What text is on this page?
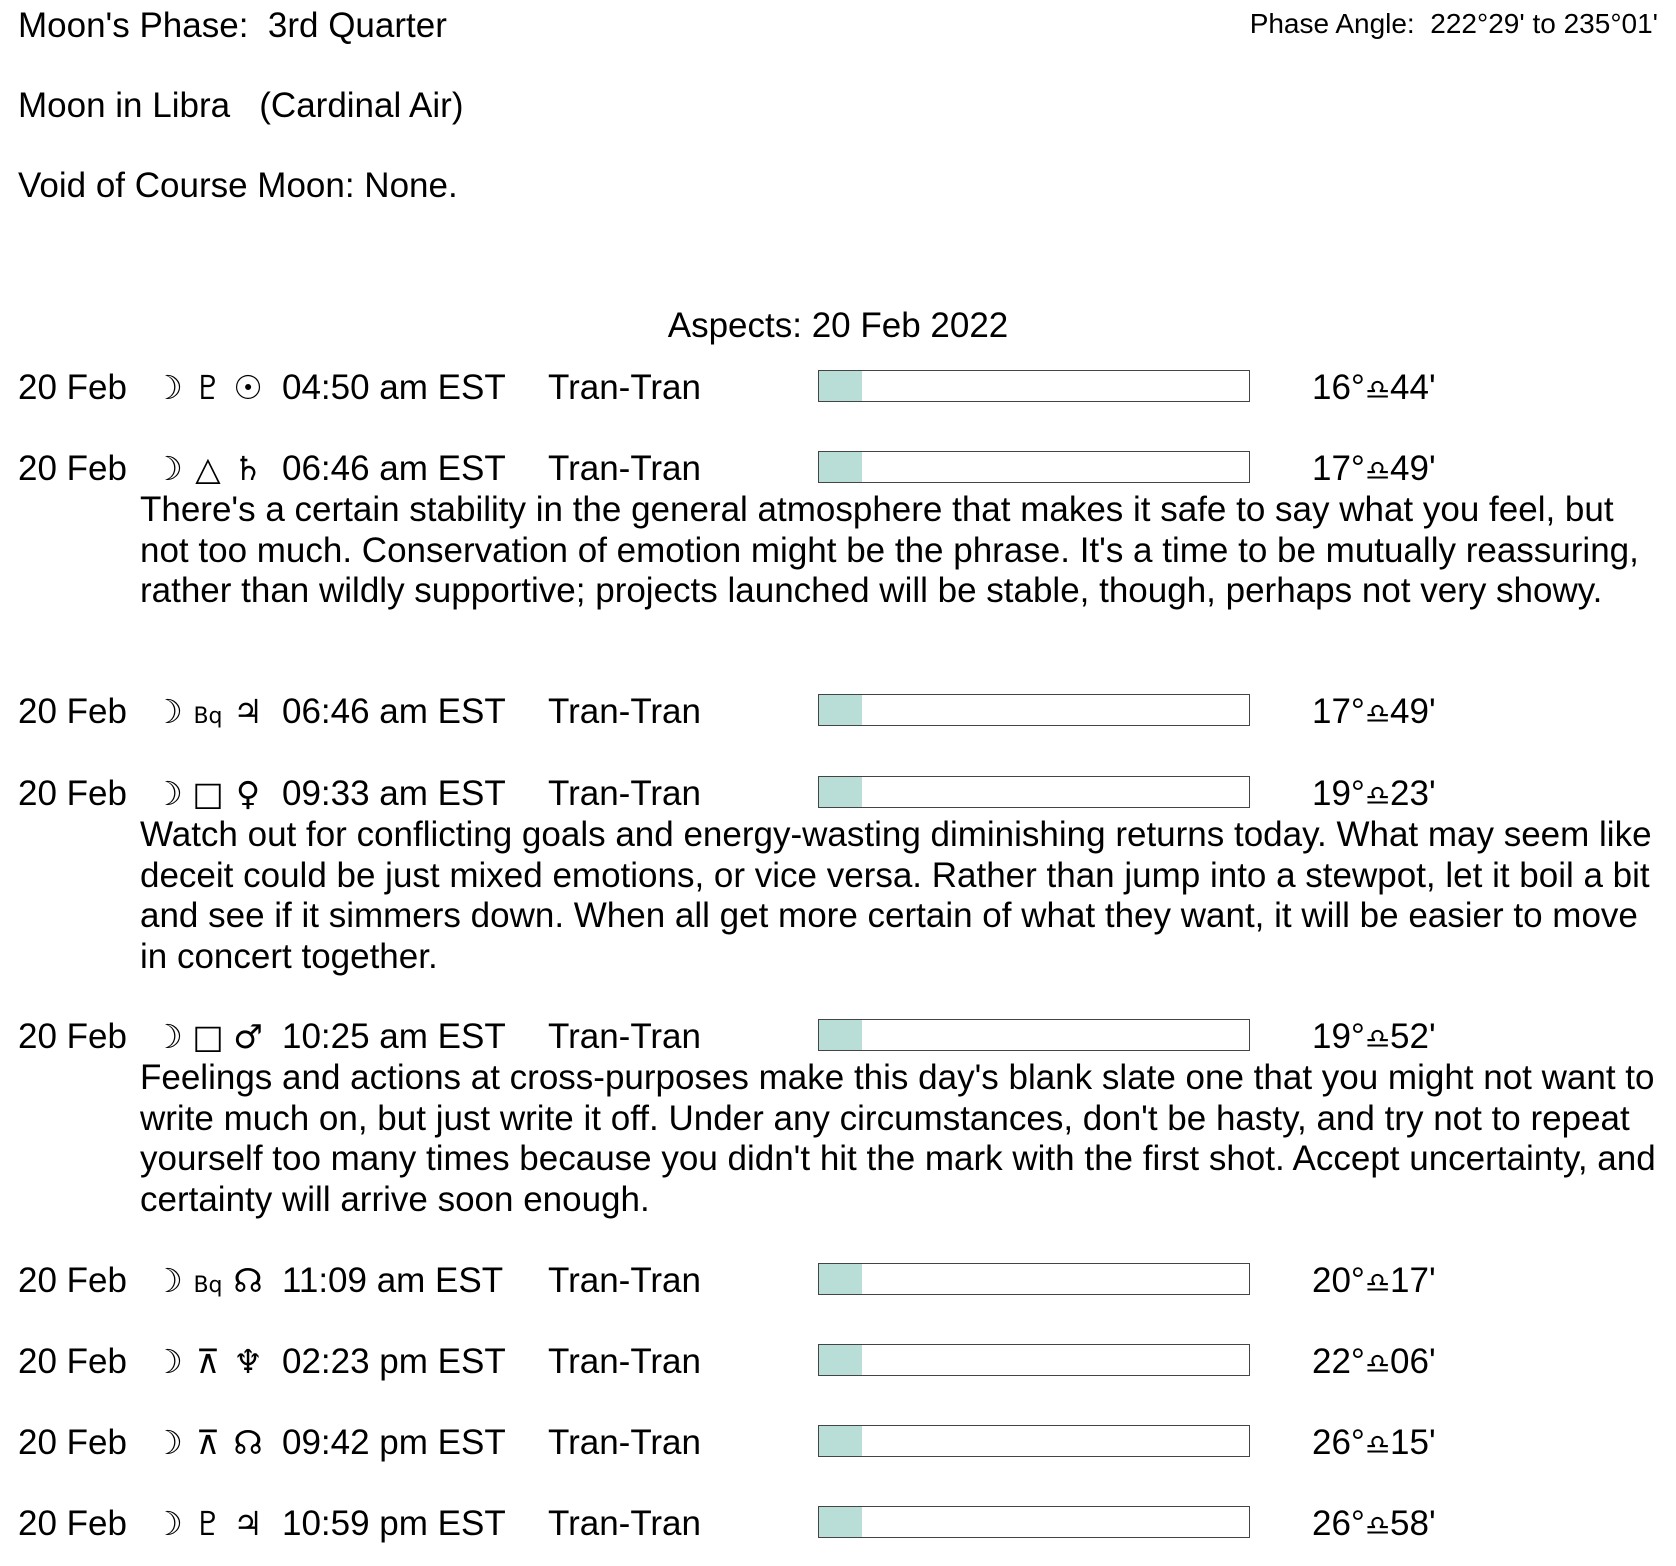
Moon's Phase: 3rd Quarter	Phase Angle: 222°29' to 235°01'
Moon in Libra (Cardinal Air)
Void of Course Moon: None.
Aspects: 20 Feb 2022
20 Feb ☽ ♇ ☉ 04:50 am EST Tran-Tran	16°♎44'
20 Feb ☽ △ ♄ 06:46 am EST Tran-Tran	17°♎49'
There's a certain stability in the general atmosphere that makes it safe to say what you feel, but not too much. Conservation of emotion might be the phrase. It's a time to be mutually reassuring, rather than wildly supportive; projects launched will be stable, though, perhaps not very showy.
20 Feb ☽ Bq ♃ 06:46 am EST Tran-Tran	17°♎49'
20 Feb ☽ □ ♀ 09:33 am EST Tran-Tran	19°♎23'
Watch out for conflicting goals and energy-wasting diminishing returns today. What may seem like deceit could be just mixed emotions, or vice versa. Rather than jump into a stewpot, let it boil a bit and see if it simmers down. When all get more certain of what they want, it will be easier to move in concert together.
20 Feb ☽ □ ♂ 10:25 am EST Tran-Tran	19°♎52'
Feelings and actions at cross-purposes make this day's blank slate one that you might not want to write much on, but just write it off. Under any circumstances, don't be hasty, and try not to repeat yourself too many times because you didn't hit the mark with the first shot. Accept uncertainty, and certainty will arrive soon enough.
20 Feb ☽ Bq ☊ 11:09 am EST Tran-Tran	20°♎17'
20 Feb ☽ ⊼ ♆ 02:23 pm EST Tran-Tran	22°♎06'
20 Feb ☽ ⊼ ☊ 09:42 pm EST Tran-Tran	26°♎15'
20 Feb ☽ ♇ ♃ 10:59 pm EST Tran-Tran	26°♎58'
